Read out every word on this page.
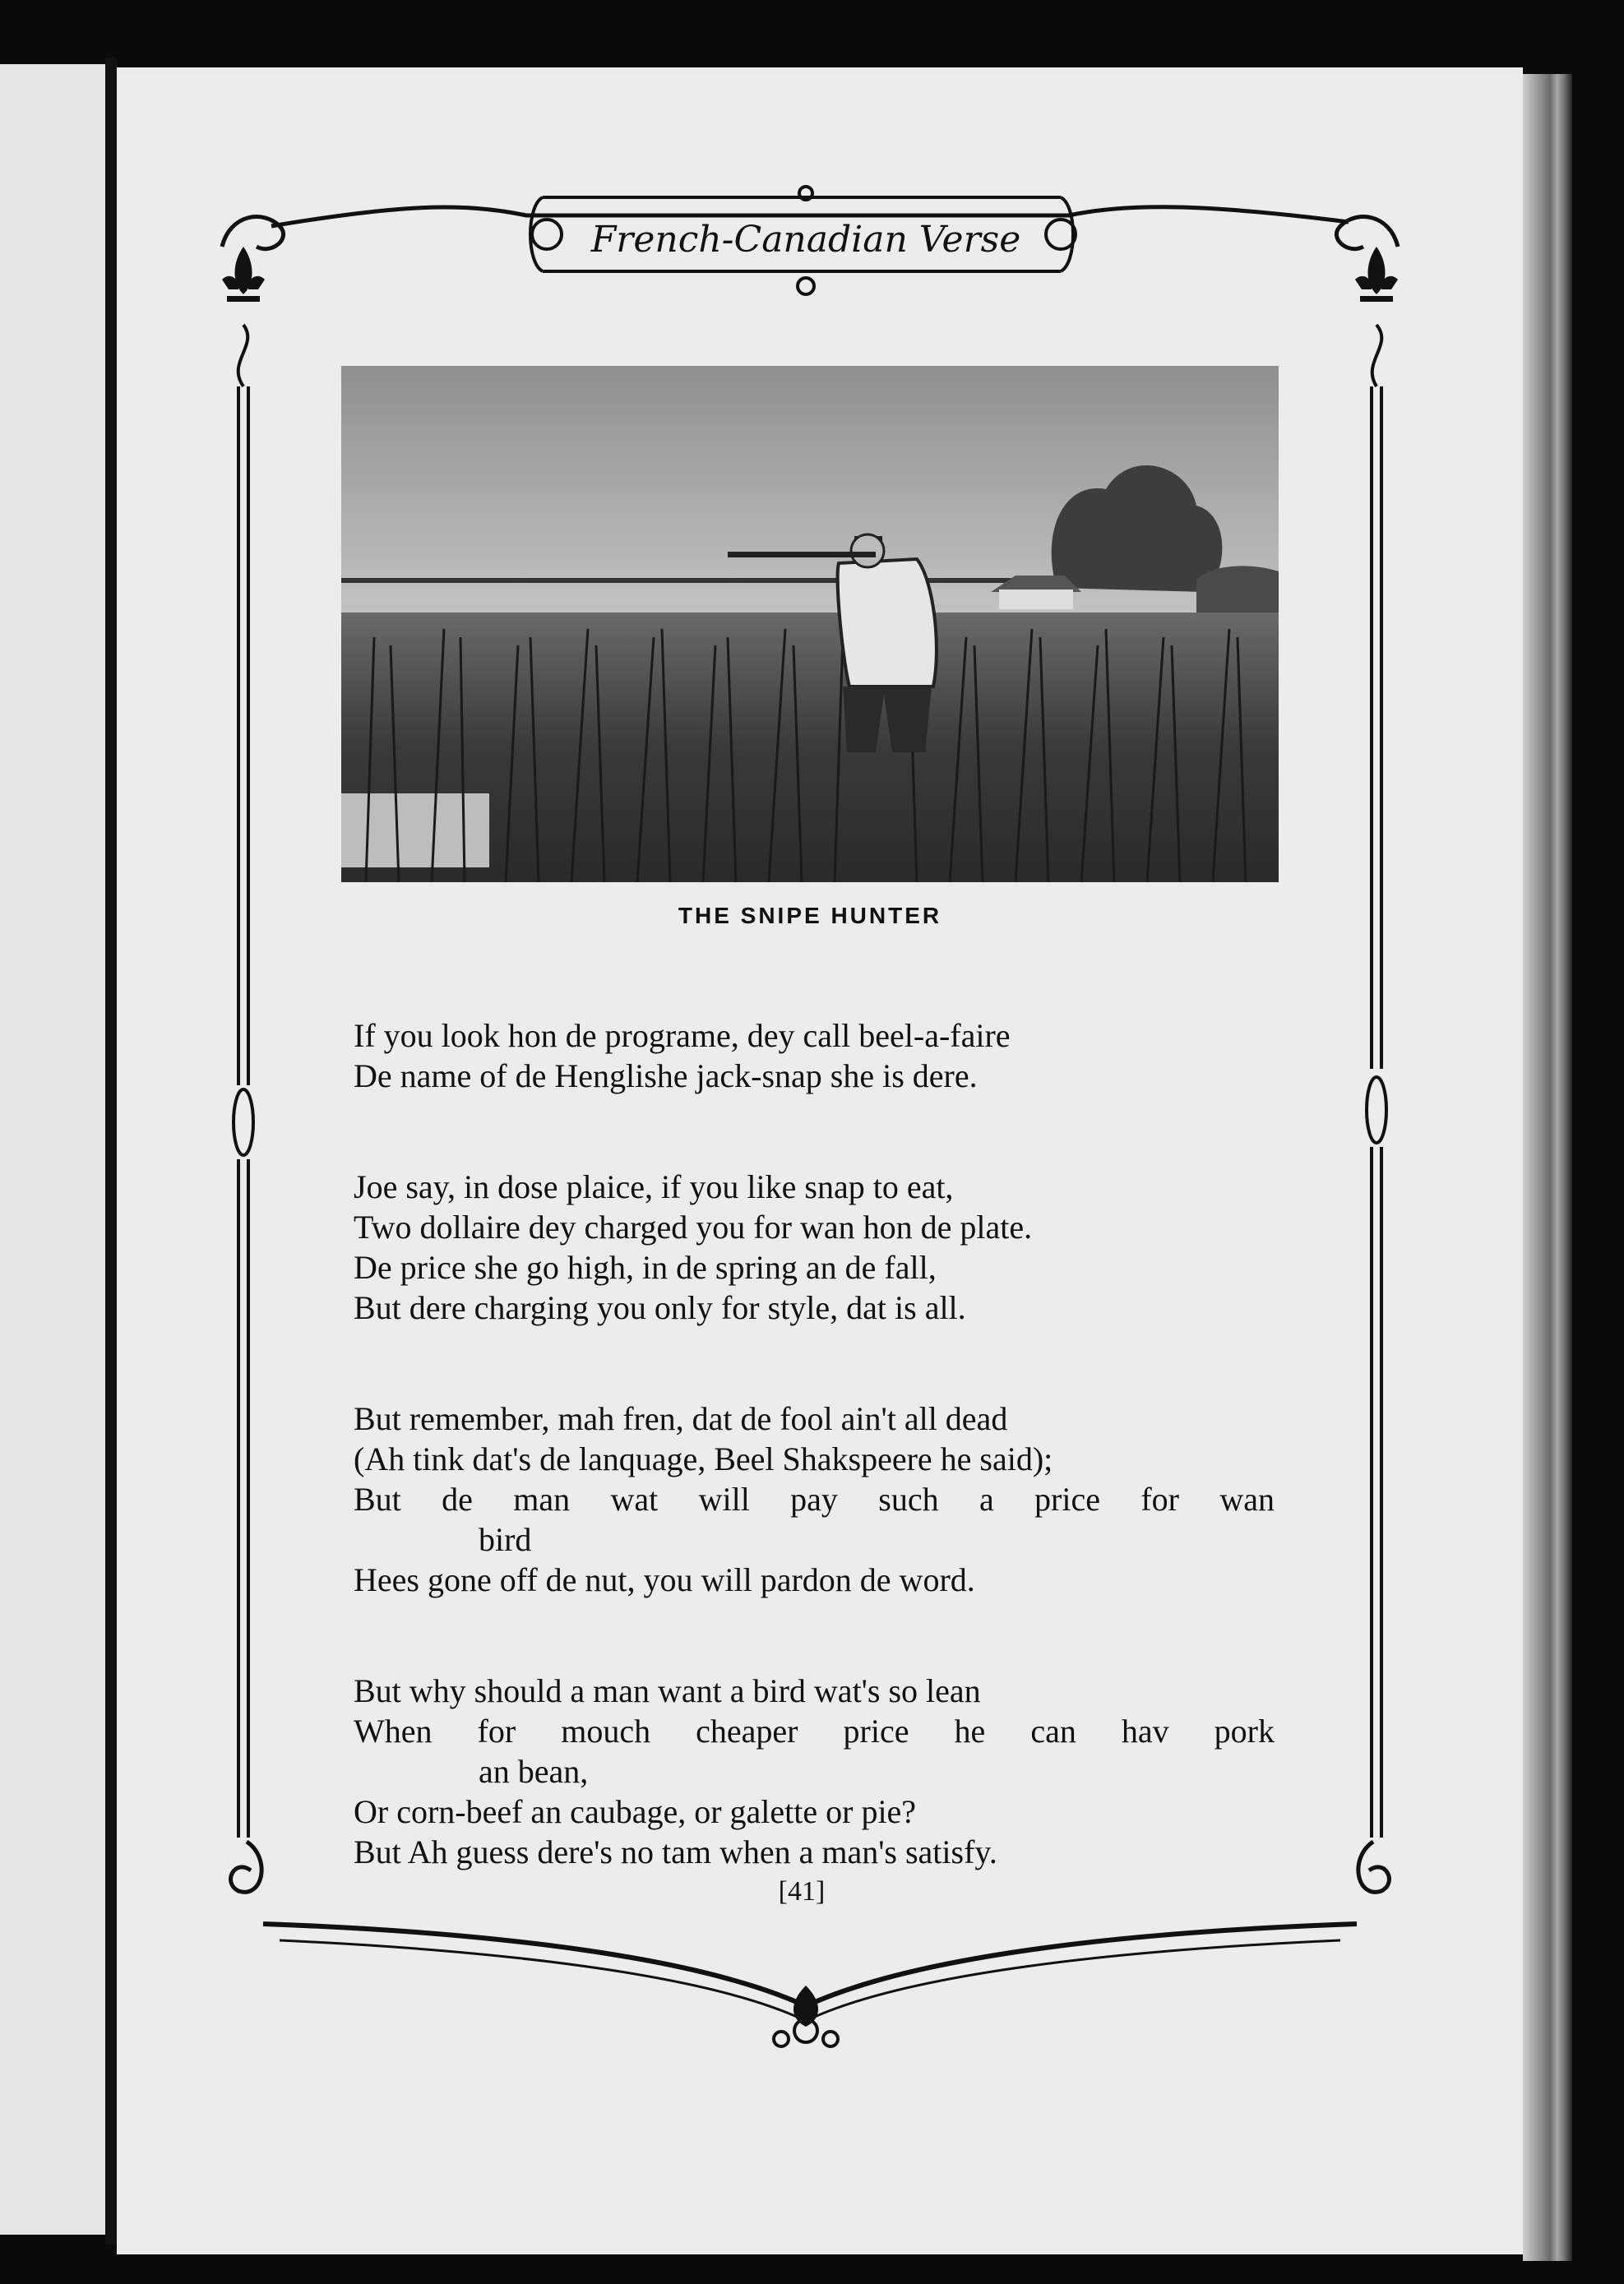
French-Canadian Verse
THE SNIPE HUNTER
If you look hon de programe, dey call beel-a-faire
De name of de Henglishe jack-snap she is dere.
Joe say, in dose plaice, if you like snap to eat,
Two dollaire dey charged you for wan hon de plate.
De price she go high, in de spring an de fall,
But dere charging you only for style, dat is all.
But remember, mah fren, dat de fool ain't all dead
(Ah tink dat's de lanquage, Beel Shakspeere he said);
But de man wat will pay such a price for wan
bird
Hees gone off de nut, you will pardon de word.
But why should a man want a bird wat's so lean
When for mouch cheaper price he can hav pork
an bean,
Or corn-beef an caubage, or galette or pie?
But Ah guess dere's no tam when a man's satisfy.
[41]
